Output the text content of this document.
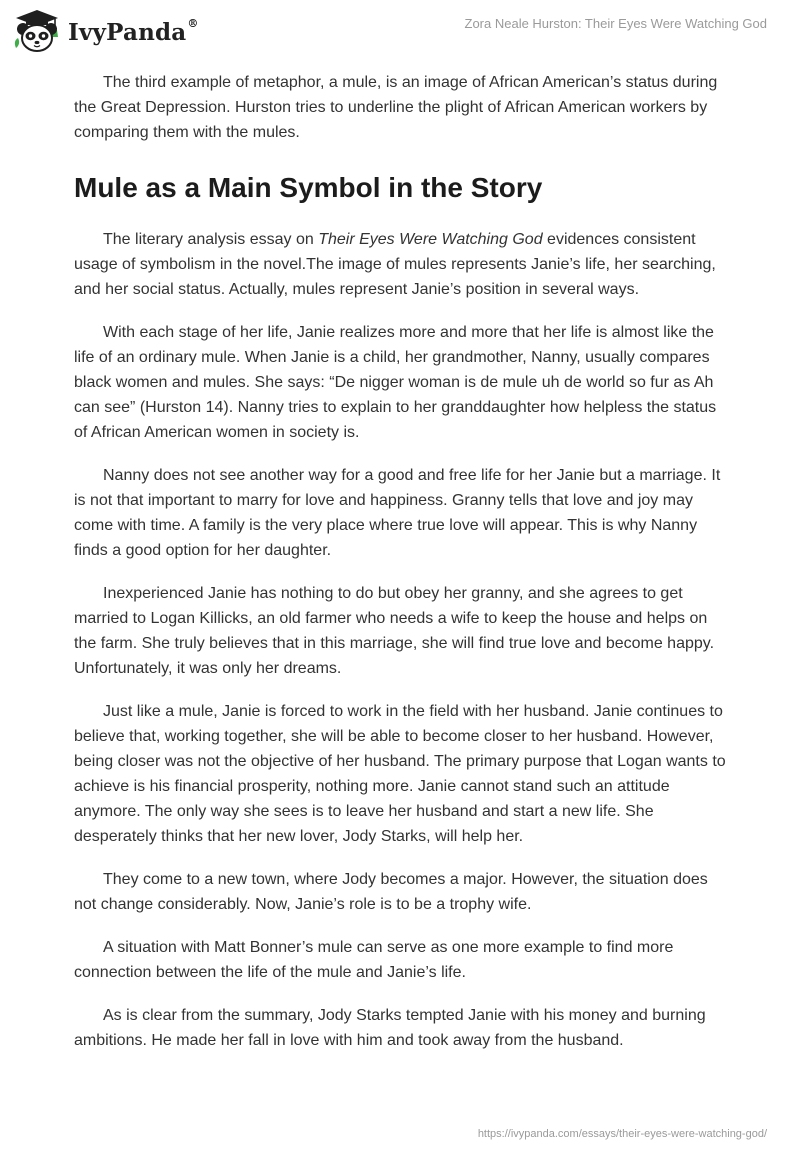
IvyPanda®	Zora Neale Hurston: Their Eyes Were Watching God

The third example of metaphor, a mule, is an image of African American’s status during the Great Depression. Hurston tries to underline the plight of African American workers by comparing them with the mules.

Mule as a Main Symbol in the Story

The literary analysis essay on Their Eyes Were Watching God evidences consistent usage of symbolism in the novel.The image of mules represents Janie’s life, her searching, and her social status. Actually, mules represent Janie’s position in several ways.

With each stage of her life, Janie realizes more and more that her life is almost like the life of an ordinary mule. When Janie is a child, her grandmother, Nanny, usually compares black women and mules. She says: “De nigger woman is de mule uh de world so fur as Ah can see” (Hurston 14). Nanny tries to explain to her granddaughter how helpless the status of African American women in society is.

Nanny does not see another way for a good and free life for her Janie but a marriage. It is not that important to marry for love and happiness. Granny tells that love and joy may come with time. A family is the very place where true love will appear. This is why Nanny finds a good option for her daughter.

Inexperienced Janie has nothing to do but obey her granny, and she agrees to get married to Logan Killicks, an old farmer who needs a wife to keep the house and helps on the farm. She truly believes that in this marriage, she will find true love and become happy. Unfortunately, it was only her dreams.

Just like a mule, Janie is forced to work in the field with her husband. Janie continues to believe that, working together, she will be able to become closer to her husband. However, being closer was not the objective of her husband. The primary purpose that Logan wants to achieve is his financial prosperity, nothing more. Janie cannot stand such an attitude anymore. The only way she sees is to leave her husband and start a new life. She desperately thinks that her new lover, Jody Starks, will help her.

They come to a new town, where Jody becomes a major. However, the situation does not change considerably. Now, Janie’s role is to be a trophy wife.

A situation with Matt Bonner’s mule can serve as one more example to find more connection between the life of the mule and Janie’s life.

As is clear from the summary, Jody Starks tempted Janie with his money and burning ambitions. He made her fall in love with him and took away from the husband.

https://ivypanda.com/essays/their-eyes-were-watching-god/
